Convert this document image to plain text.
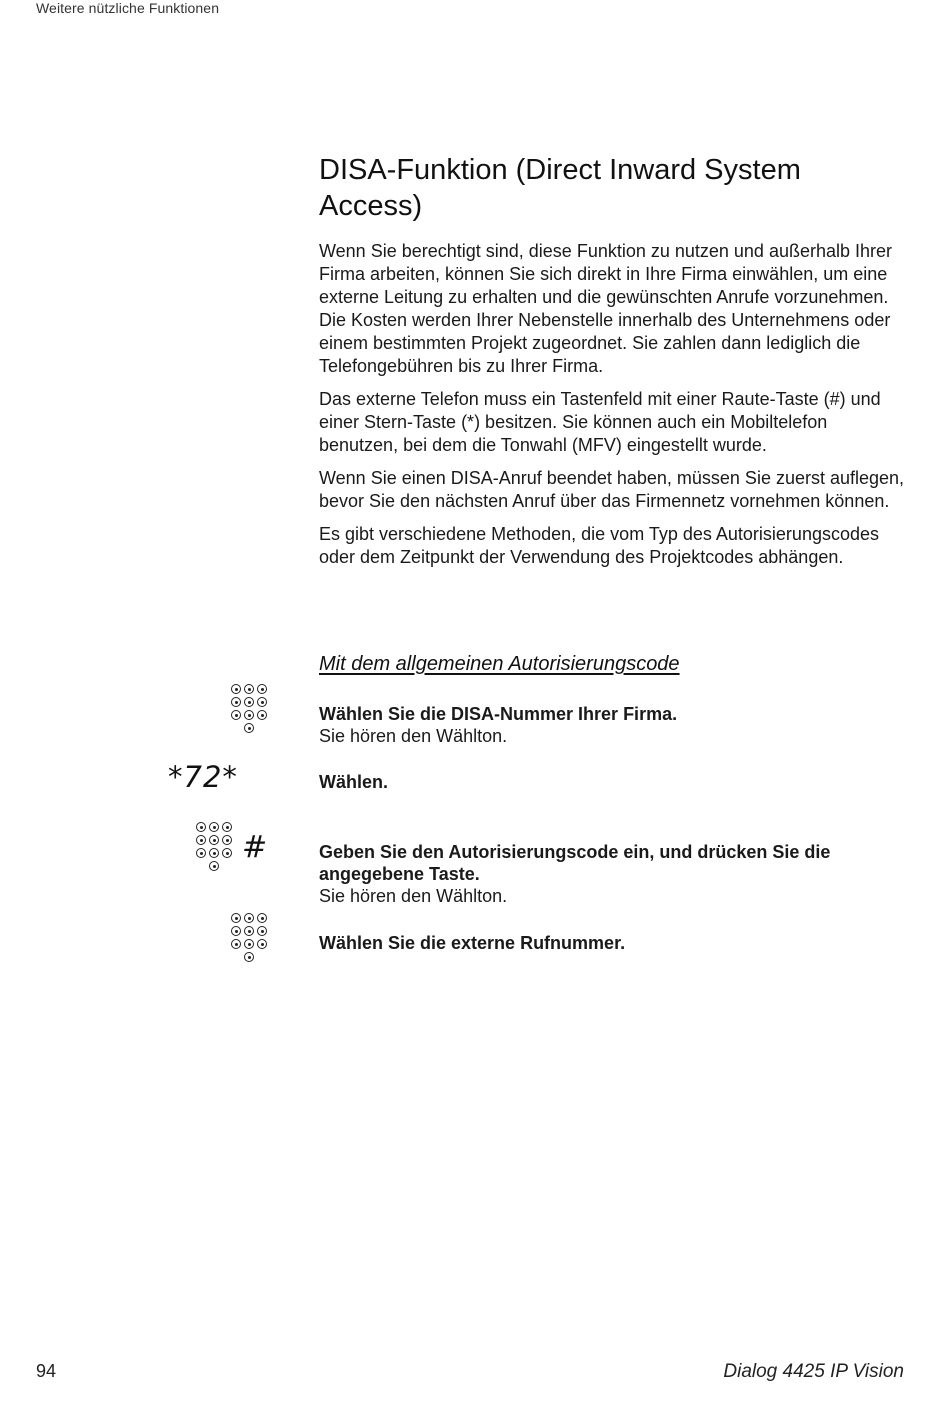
Weitere nützliche Funktionen
DISA-Funktion (Direct Inward System Access)

Wenn Sie berechtigt sind, diese Funktion zu nutzen und außerhalb Ihrer Firma arbeiten, können Sie sich direkt in Ihre Firma einwählen, um eine externe Leitung zu erhalten und die gewünschten Anrufe vorzunehmen. Die Kosten werden Ihrer Nebenstelle innerhalb des Unternehmens oder einem bestimmten Projekt zugeordnet. Sie zahlen dann lediglich die Telefongebühren bis zu Ihrer Firma.

Das externe Telefon muss ein Tastenfeld mit einer Raute-Taste (#) und einer Stern-Taste (*) besitzen. Sie können auch ein Mobiltelefon benutzen, bei dem die Tonwahl (MFV) eingestellt wurde.

Wenn Sie einen DISA-Anruf beendet haben, müssen Sie zuerst auflegen, bevor Sie den nächsten Anruf über das Firmennetz vornehmen können.

Es gibt verschiedene Methoden, die vom Typ des Autorisierungscodes oder dem Zeitpunkt der Verwendung des Projektcodes abhängen.

Mit dem allgemeinen Autorisierungscode
Wählen Sie die DISA-Nummer Ihrer Firma.
Sie hören den Wählton.
*72*	Wählen.
#	Geben Sie den Autorisierungscode ein, und drücken Sie die angegebene Taste.
Sie hören den Wählton.
Wählen Sie die externe Rufnummer.
94	Dialog 4425 IP Vision
